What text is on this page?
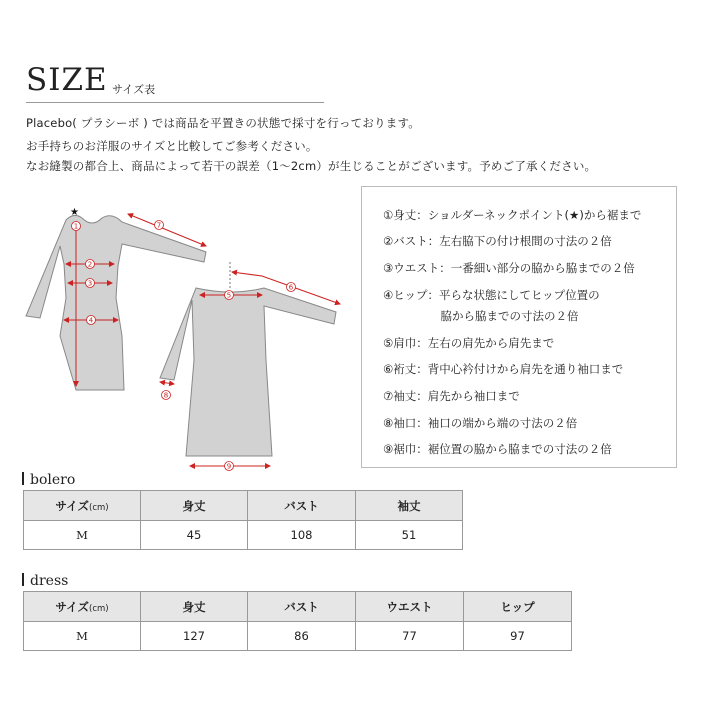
SIZE サイズ表
Placebo( プラシーボ ) では商品を平置きの状態で採寸を行っております。
お手持ちのお洋服のサイズと比較してご参考ください。
なお縫製の都合上、商品によって若干の誤差（1～2cm）が生じることがございます。予めご了承ください。
★
1
2
3
4
5
6
7
8
9
①身丈：ショルダーネックポイント(★)から裾まで
②バスト：左右脇下の付け根間の寸法の２倍
③ウエスト：一番細い部分の脇から脇までの２倍
④ヒップ：平らな状態にしてヒップ位置の
　　　　　脇から脇までの寸法の２倍
⑤肩巾：左右の肩先から肩先まで
⑥裄丈：背中心衿付けから肩先を通り袖口まで
⑦袖丈：肩先から袖口まで
⑧袖口：袖口の端から端の寸法の２倍
⑨裾巾：裾位置の脇から脇までの寸法の２倍
bolero
サイズ(cm)	身丈	バスト	袖丈
M	45	108	51
dress
サイズ(cm)	身丈	バスト	ウエスト	ヒップ
M	127	86	77	97
